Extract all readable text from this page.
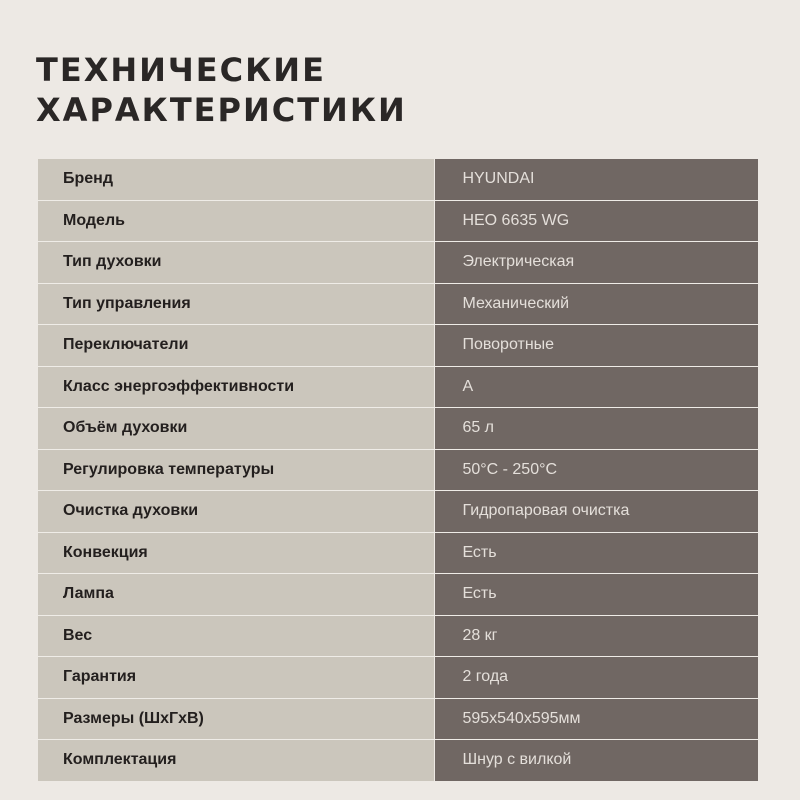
ТЕХНИЧЕСКИЕ
ХАРАКТЕРИСТИКИ
Бренд	HYUNDAI
Модель	HEO 6635 WG
Тип духовки	Электрическая
Тип управления	Механический
Переключатели	Поворотные
Класс энергоэффективности	A
Объём духовки	65 л
Регулировка температуры	50°C - 250°C
Очистка духовки	Гидропаровая очистка
Конвекция	Есть
Лампа	Есть
Вес	28 кг
Гарантия	2 года
Размеры (ШхГхВ)	595x540x595мм
Комплектация	Шнур с вилкой
